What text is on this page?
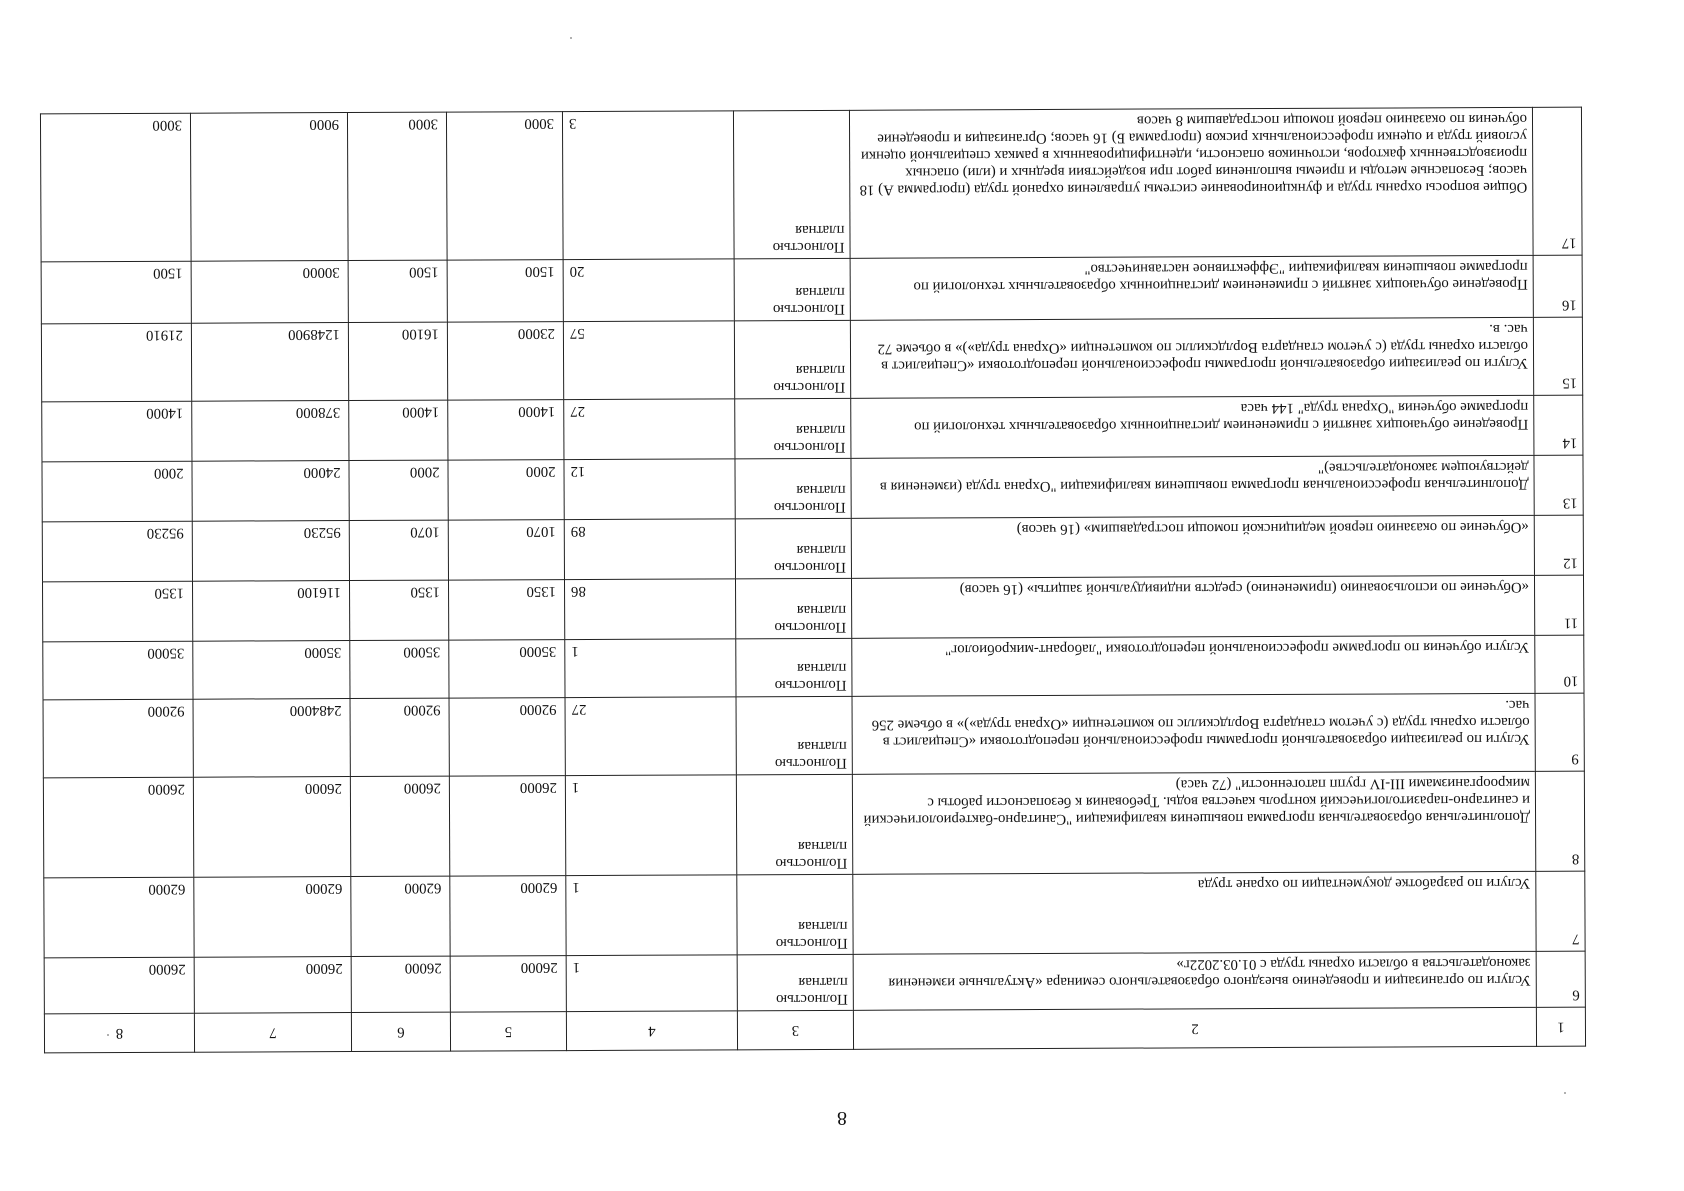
1	2	3	4	5	6	7	8
6	Услуги по организации и проведению выездного образовательного семинара «Актуальные изменения законодательства в области охраны труда с 01.03.2022г»	Полностью платная	1	26000	26000	26000	26000
7	Услуги по разработке документации по охране труда	Полностью платная	1	62000	62000	62000	62000
8	Дополнительная образовательная программа повышения квалификации "Санитарно-бактериологический и санитарно-паразитологический контроль качества воды. Требования к безопасности работы с микроорганизмами III-IV групп патогенности" (72 часа)	Полностью платная	1	26000	26000	26000	26000
9	Услуги по реализации образовательной программы профессиональной переподготовки «Специалист в области охраны труда (с учетом стандарта Ворлдскиллс по компетенции «Охрана труда»)» в объеме 256 час.	Полностью платная	27	92000	92000	2484000	92000
10	Услуги обучения по программе профессиональной переподготовки "лаборант-микробиолог"	Полностью платная	1	35000	35000	35000	35000
11	«Обучение по использованию (применению) средств индивидуальной защиты» (16 часов)	Полностью платная	86	1350	1350	116100	1350
12	«Обучение по оказанию первой медицинской помощи пострадавшим» (16 часов)	Полностью платная	89	1070	1070	95230	95230
13	Дополнительная профессиональная программа повышения квалификации "Охрана труда (изменения в действующем законодательстве)"	Полностью платная	12	2000	2000	24000	2000
14	Проведение обучающих занятий с применением дистанционных образовательных технологий по программе обучения "Охрана труда" 144 часа	Полностью платная	27	14000	14000	378000	14000
15	Услуги по реализации образовательной программы профессиональной переподготовки «Специалист в области охраны труда (с учетом стандарта Ворлдскиллс по компетенции «Охрана труда»)» в объеме 72 час. в.	Полностью платная	57	23000	16100	1248900	21910
16	Проведение обучающих занятий с применением дистанционных образовательных технологий по программе повышения квалификации "Эффективное наставничество"	Полностью платная	20	1500	1500	30000	1500
17	Общие вопросы охраны труда и функционирование системы управления охраной труда (программа А) 18 часов; Безопасные методы и приемы выполнения работ при воздействии вредных и (или) опасных производственных факторов, источников опасности, идентифицированных в рамках специальной оценки условий труда и оценки профессиональных рисков (программа Б) 16 часов; Организация и проведение обучения по оказанию первой помощи пострадавшим 8 часов	Полностью платная	3	3000	3000	9000	3000
8
